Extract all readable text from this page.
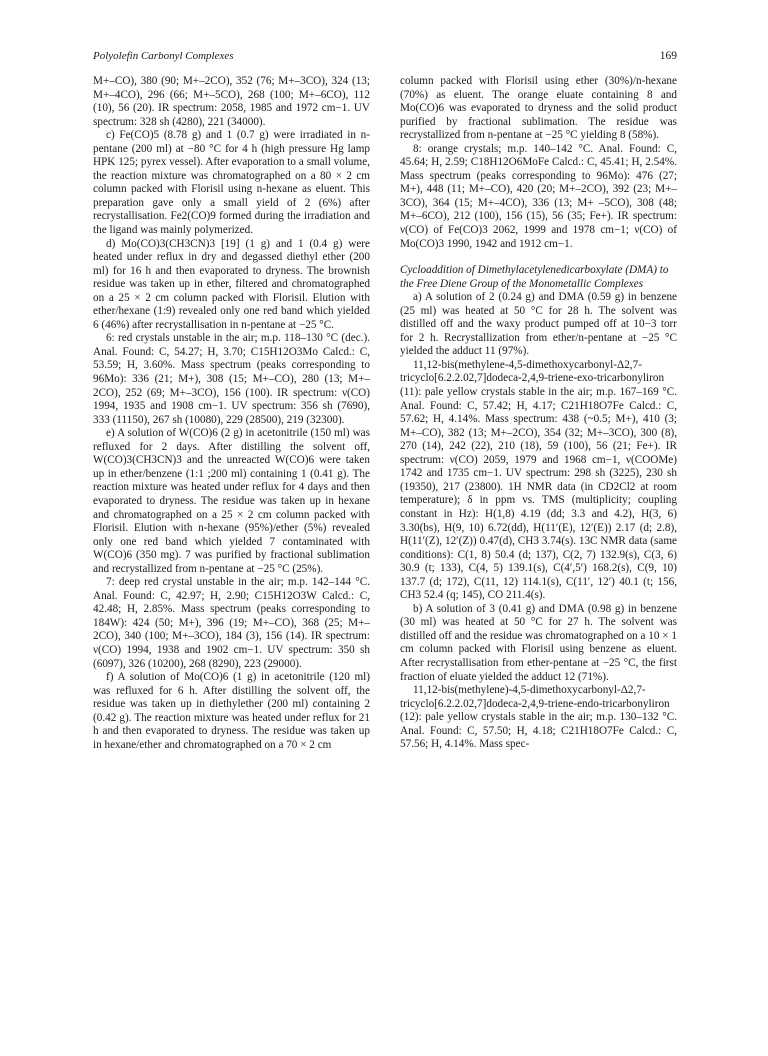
Polyolefin Carbonyl Complexes	169

M+–CO), 380 (90; M+–2CO), 352 (76; M+–3CO), 324 (13; M+–4CO), 296 (66; M+–5CO), 268 (100; M+–6CO), 112 (10), 56 (20). IR spectrum: 2058, 1985 and 1972 cm−1. UV spectrum: 328 sh (4280), 221 (34000).

c) Fe(CO)5 (8.78 g) and 1 (0.7 g) were irradiated in n-pentane (200 ml) at −80 °C for 4 h (high pressure Hg lamp HPK 125; pyrex vessel). After evaporation to a small volume, the reaction mixture was chromatographed on a 80 × 2 cm column packed with Florisil using n-hexane as eluent. This preparation gave only a small yield of 2 (6%) after recrystallisation. Fe2(CO)9 formed during the irradiation and the ligand was mainly polymerized.

d) Mo(CO)3(CH3CN)3 [19] (1 g) and 1 (0.4 g) were heated under reflux in dry and degassed diethyl ether (200 ml) for 16 h and then evaporated to dryness. The brownish residue was taken up in ether, filtered and chromatographed on a 25 × 2 cm column packed with Florisil. Elution with ether/hexane (1:9) revealed only one red band which yielded 6 (46%) after recrystallisation in n-pentane at −25 °C.

6: red crystals unstable in the air; m.p. 118–130 °C (dec.). Anal. Found: C, 54.27; H, 3.70; C15H12O3Mo Calcd.: C, 53.59; H, 3.60%. Mass spectrum (peaks corresponding to 96Mo): 336 (21; M+), 308 (15; M+–CO), 280 (13; M+–2CO), 252 (69; M+–3CO), 156 (100). IR spectrum: ν(CO) 1994, 1935 and 1908 cm−1. UV spectrum: 356 sh (7690), 333 (11150), 267 sh (10080), 229 (28500), 219 (32300).

e) A solution of W(CO)6 (2 g) in acetonitrile (150 ml) was refluxed for 2 days. After distilling the solvent off, W(CO)3(CH3CN)3 and the unreacted W(CO)6 were taken up in ether/benzene (1:1 ;200 ml) containing 1 (0.41 g). The reaction mixture was heated under reflux for 4 days and then evaporated to dryness. The residue was taken up in hexane and chromatographed on a 25 × 2 cm column packed with Florisil. Elution with n-hexane (95%)/ether (5%) revealed only one red band which yielded 7 contaminated with W(CO)6 (350 mg). 7 was purified by fractional sublimation and recrystallized from n-pentane at −25 °C (25%).

7: deep red crystal unstable in the air; m.p. 142–144 °C. Anal. Found: C, 42.97; H, 2.90; C15H12O3W Calcd.: C, 42.48; H, 2.85%. Mass spectrum (peaks corresponding to 184W): 424 (50; M+), 396 (19; M+–CO), 368 (25; M+–2CO), 340 (100; M+–3CO), 184 (3), 156 (14). IR spectrum: ν(CO) 1994, 1938 and 1902 cm−1. UV spectrum: 350 sh (6097), 326 (10200), 268 (8290), 223 (29000).

f) A solution of Mo(CO)6 (1 g) in acetonitrile (120 ml) was refluxed for 6 h. After distilling the solvent off, the residue was taken up in diethylether (200 ml) containing 2 (0.42 g). The reaction mixture was heated under reflux for 21 h and then evaporated to dryness. The residue was taken up in hexane/ether and chromatographed on a 70 × 2 cm

column packed with Florisil using ether (30%)/n-hexane (70%) as eluent. The orange eluate containing 8 and Mo(CO)6 was evaporated to dryness and the solid product purified by fractional sublimation. The residue was recrystallized from n-pentane at −25 °C yielding 8 (58%).

8: orange crystals; m.p. 140–142 °C. Anal. Found: C, 45.64; H, 2.59; C18H12O6MoFe Calcd.: C, 45.41; H, 2.54%. Mass spectrum (peaks corresponding to 96Mo): 476 (27; M+), 448 (11; M+–CO), 420 (20; M+–2CO), 392 (23; M+–3CO), 364 (15; M+–4CO), 336 (13; M+ –5CO), 308 (48; M+–6CO), 212 (100), 156 (15), 56 (35; Fe+). IR spectrum: ν(CO) of Fe(CO)3 2062, 1999 and 1978 cm−1; ν(CO) of Mo(CO)3 1990, 1942 and 1912 cm−1.

Cycloaddition of Dimethylacetylenedicarboxylate (DMA) to the Free Diene Group of the Monometallic Complexes

a) A solution of 2 (0.24 g) and DMA (0.59 g) in benzene (25 ml) was heated at 50 °C for 28 h. The solvent was distilled off and the waxy product pumped off at 10−3 torr for 2 h. Recrystallization from ether/n-pentane at −25 °C yielded the adduct 11 (97%).

11,12-bis(methylene-4,5-dimethoxycarbonyl-Δ2,7-tricyclo[6.2.2.02,7]dodeca-2,4,9-triene-exo-tricarbonyliron (11): pale yellow crystals stable in the air; m.p. 167–169 °C. Anal. Found: C, 57.42; H, 4.17; C21H18O7Fe Calcd.: C, 57.62; H, 4.14%. Mass spectrum: 438 (~0.5; M+), 410 (3; M+–CO), 382 (13; M+–2CO), 354 (32; M+–3CO), 300 (8), 270 (14), 242 (22), 210 (18), 59 (100), 56 (21; Fe+). IR spectrum: ν(CO) 2059, 1979 and 1968 cm−1, ν(COOMe) 1742 and 1735 cm−1. UV spectrum: 298 sh (3225), 230 sh (19350), 217 (23800). 1H NMR data (in CD2Cl2 at room temperature); δ in ppm vs. TMS (multiplicity; coupling constant in Hz): H(1,8) 4.19 (dd; 3.3 and 4.2), H(3, 6) 3.30(bs), H(9, 10) 6.72(dd), H(11′(E), 12′(E)) 2.17 (d; 2.8), H(11′(Z), 12′(Z)) 0.47(d), CH3 3.74(s). 13C NMR data (same conditions): C(1, 8) 50.4 (d; 137), C(2, 7) 132.9(s), C(3, 6) 30.9 (t; 133), C(4, 5) 139.1(s), C(4′,5′) 168.2(s), C(9, 10) 137.7 (d; 172), C(11, 12) 114.1(s), C(11′, 12′) 40.1 (t; 156, CH3 52.4 (q; 145), CO 211.4(s).

b) A solution of 3 (0.41 g) and DMA (0.98 g) in benzene (30 ml) was heated at 50 °C for 27 h. The solvent was distilled off and the residue was chromatographed on a 10 × 1 cm column packed with Florisil using benzene as eluent. After recrystallisation from ether-pentane at −25 °C, the first fraction of eluate yielded the adduct 12 (71%).

11,12-bis(methylene)-4,5-dimethoxycarbonyl-Δ2,7-tricyclo[6.2.2.02,7]dodeca-2,4,9-triene-endo-tricarbonyliron (12): pale yellow crystals stable in the air; m.p. 130–132 °C. Anal. Found: C, 57.50; H, 4.18; C21H18O7Fe Calcd.: C, 57.56; H, 4.14%. Mass spec-
